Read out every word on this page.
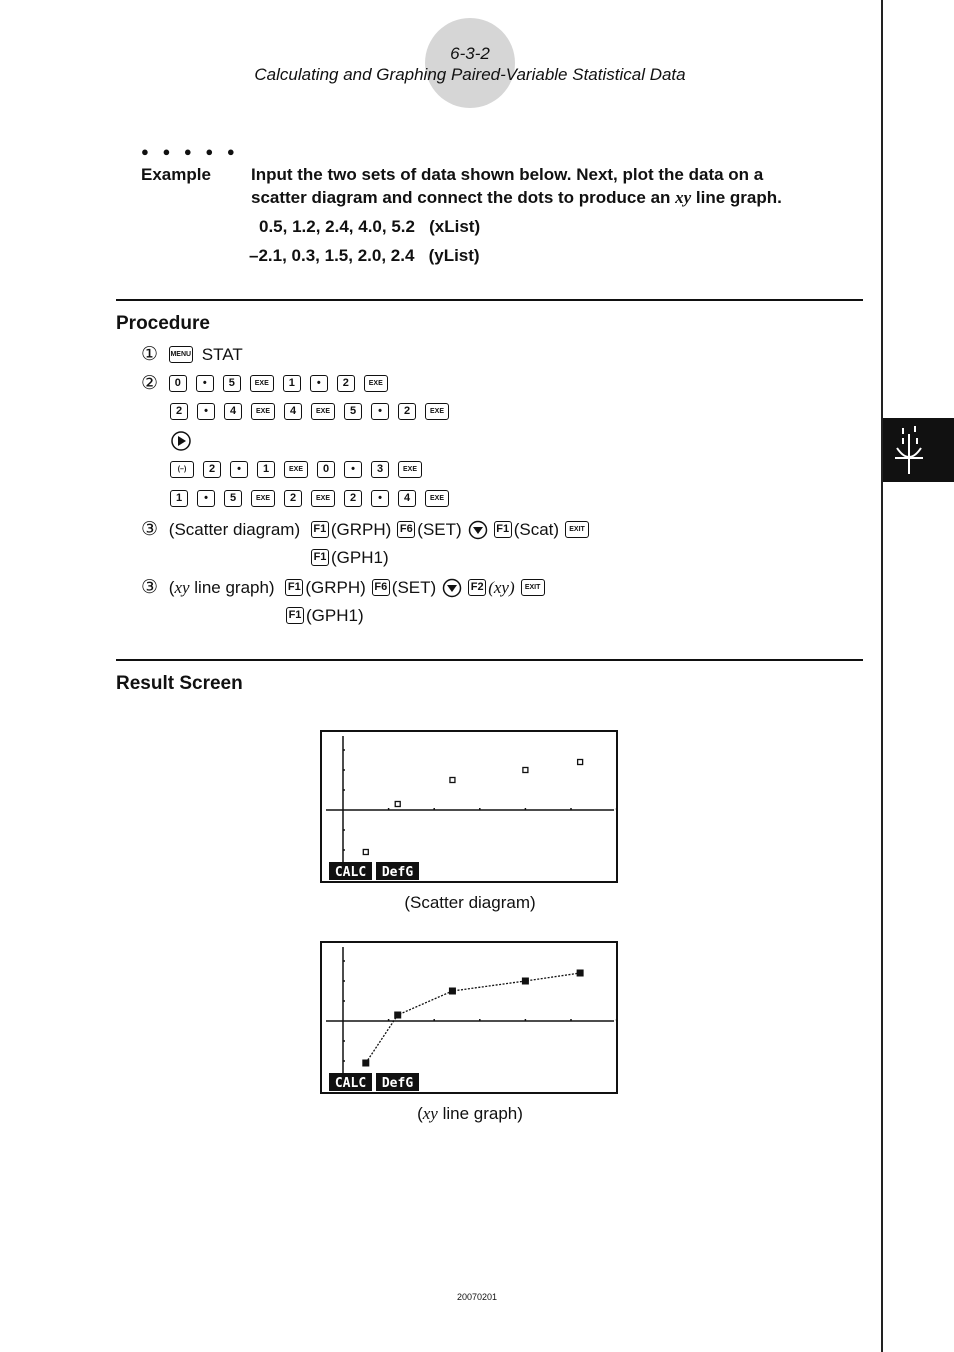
6-3-2
Calculating and Graphing Paired-Variable Statistical Data
● ● ● ● ●
Example Input the two sets of data shown below. Next, plot the data on a
scatter diagram and connect the dots to produce an xy line graph.
0.5, 1.2, 2.4, 4.0, 5.2 (xList)
–2.1, 0.3, 1.5, 2.0, 2.4 (yList)
Procedure
① MENU STAT
② 0 • 5	EXE 1 • 2	EXE
2 • 4	EXE 4	EXE 5 • 2	EXE
(–) 2 • 1	EXE 0 • 3	EXE
1 • 5	EXE 2	EXE 2 • 4	EXE
③ (Scatter diagram) F1 (GRPH) F6 (SET)	F1 (Scat) EXIT
F1 (GPH1)
③ (xy line graph) F1 (GRPH) F6 (SET)	F2 (xy) EXIT
F1 (GPH1)
Result Screen
CALC DefG
(Scatter diagram)
CALC DefG
(xy line graph)
20070201
